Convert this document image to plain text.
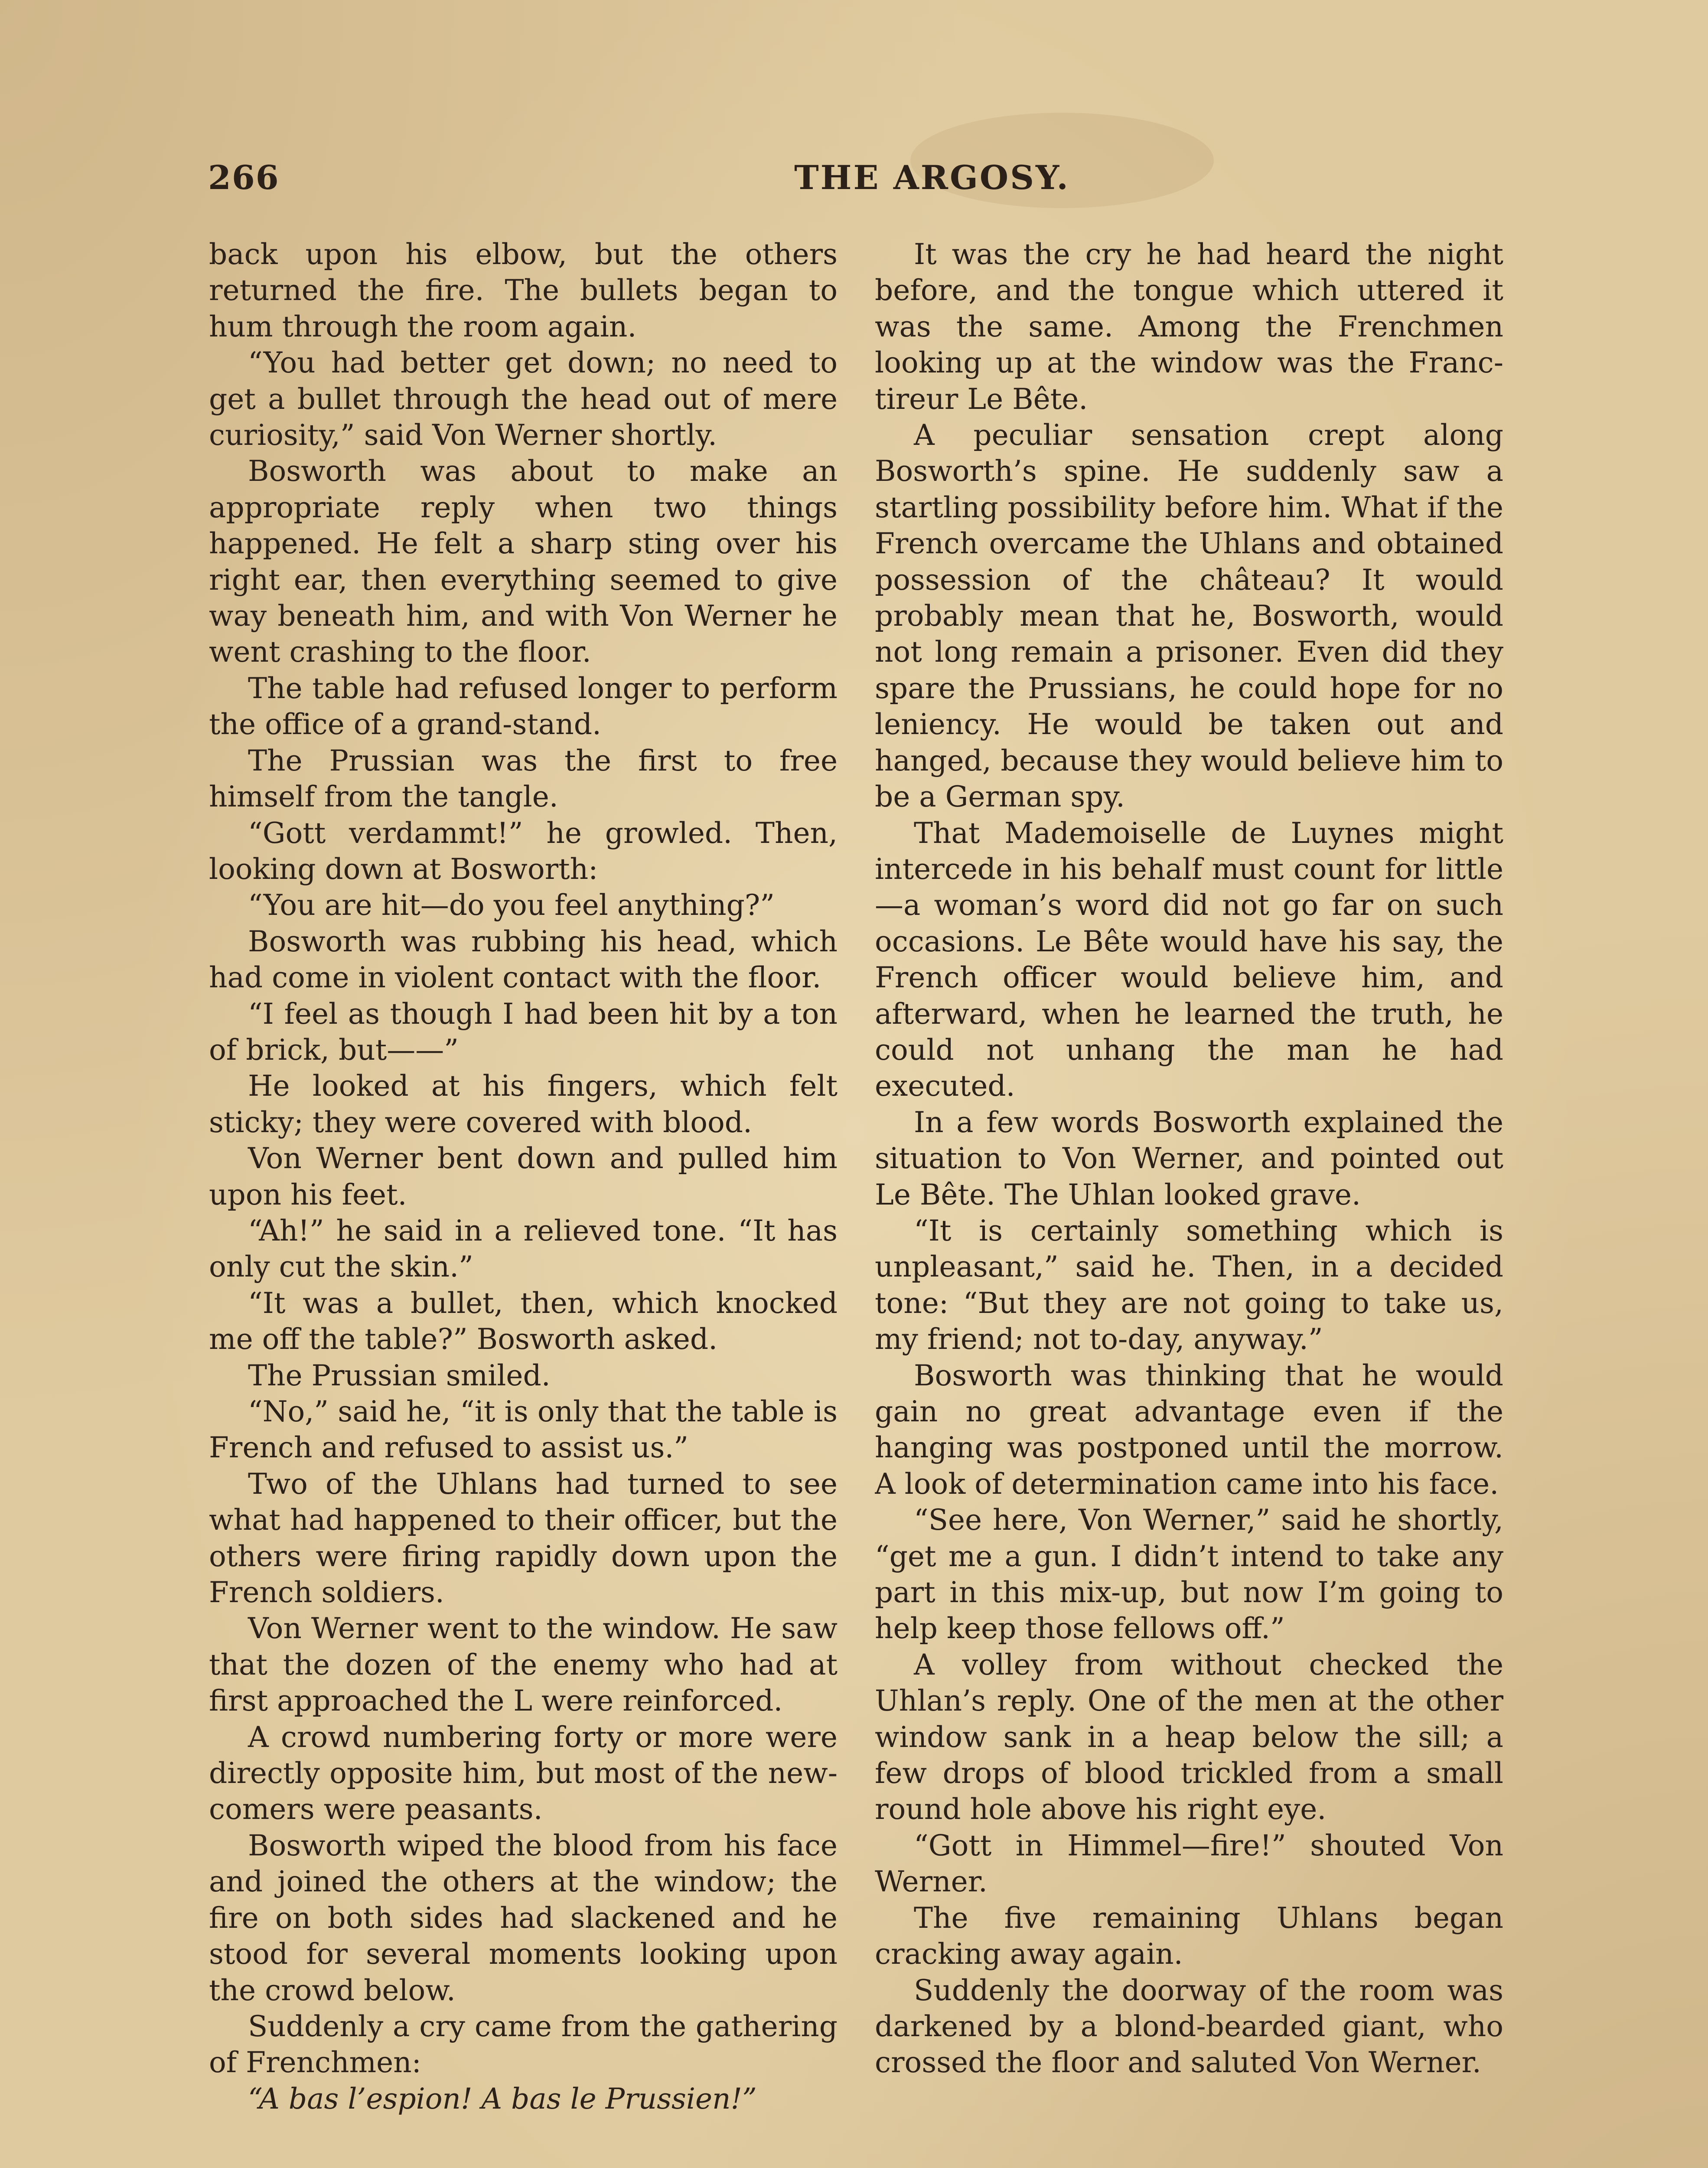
266	THE ARGOSY.

back upon his elbow, but the others returned the fire. The bullets began to hum through the room again.

“You had better get down; no need to get a bullet through the head out of mere curiosity,” said Von Werner shortly.

Bosworth was about to make an appropriate reply when two things happened. He felt a sharp sting over his right ear, then everything seemed to give way beneath him, and with Von Werner he went crashing to the floor.

The table had refused longer to perform the office of a grand-stand.

The Prussian was the first to free himself from the tangle.

“Gott verdammt!” he growled. Then, looking down at Bosworth:

“You are hit—do you feel anything?”

Bosworth was rubbing his head, which had come in violent contact with the floor.

“I feel as though I had been hit by a ton of brick, but——”

He looked at his fingers, which felt sticky; they were covered with blood.

Von Werner bent down and pulled him upon his feet.

“Ah!” he said in a relieved tone. “It has only cut the skin.”

“It was a bullet, then, which knocked me off the table?” Bosworth asked.

The Prussian smiled.

“No,” said he, “it is only that the table is French and refused to assist us.”

Two of the Uhlans had turned to see what had happened to their officer, but the others were firing rapidly down upon the French soldiers.

Von Werner went to the window. He saw that the dozen of the enemy who had at first approached the L were reinforced.

A crowd numbering forty or more were directly opposite him, but most of the new-comers were peasants.

Bosworth wiped the blood from his face and joined the others at the window; the fire on both sides had slackened and he stood for several moments looking upon the crowd below.

Suddenly a cry came from the gathering of Frenchmen:

“A bas l’espion! A bas le Prussien!”

It was the cry he had heard the night before, and the tongue which uttered it was the same. Among the Frenchmen looking up at the window was the Franc-tireur Le Bête.

A peculiar sensation crept along Bosworth’s spine. He suddenly saw a startling possibility before him. What if the French overcame the Uhlans and obtained possession of the château? It would probably mean that he, Bosworth, would not long remain a prisoner. Even did they spare the Prussians, he could hope for no leniency. He would be taken out and hanged, because they would believe him to be a German spy.

That Mademoiselle de Luynes might intercede in his behalf must count for little—a woman’s word did not go far on such occasions. Le Bête would have his say, the French officer would believe him, and afterward, when he learned the truth, he could not unhang the man he had executed.

In a few words Bosworth explained the situation to Von Werner, and pointed out Le Bête. The Uhlan looked grave.

“It is certainly something which is unpleasant,” said he. Then, in a decided tone: “But they are not going to take us, my friend; not to-day, anyway.”

Bosworth was thinking that he would gain no great advantage even if the hanging was postponed until the morrow. A look of determination came into his face.

“See here, Von Werner,” said he shortly, “get me a gun. I didn’t intend to take any part in this mix-up, but now I’m going to help keep those fellows off.”

A volley from without checked the Uhlan’s reply. One of the men at the other window sank in a heap below the sill; a few drops of blood trickled from a small round hole above his right eye.

“Gott in Himmel—fire!” shouted Von Werner.

The five remaining Uhlans began cracking away again.

Suddenly the doorway of the room was darkened by a blond-bearded giant, who crossed the floor and saluted Von Werner.
